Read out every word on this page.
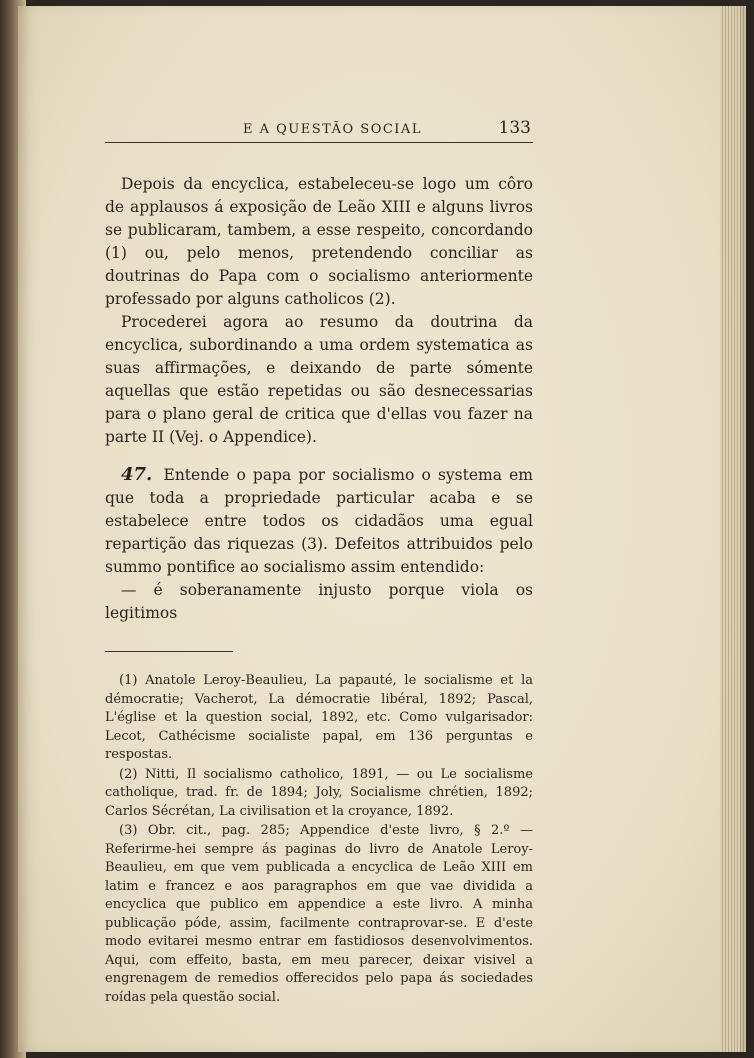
E A QUESTÃO SOCIAL	133

Depois da encyclica, estabeleceu-se logo um côro de applausos á exposição de Leão XIII e alguns livros se publicaram, tambem, a esse respeito, concordando (1) ou, pelo menos, pretendendo conciliar as doutrinas do Papa com o socialismo anteriormente professado por alguns catholicos (2).

Procederei agora ao resumo da doutrina da encyclica, subordinando a uma ordem systematica as suas affirmações, e deixando de parte sómente aquellas que estão repetidas ou são desnecessarias para o plano geral de critica que d'ellas vou fazer na parte II (Vej. o Appendice).

47. Entende o papa por socialismo o systema em que toda a propriedade particular acaba e se estabelece entre todos os cidadãos uma egual repartição das riquezas (3). Defeitos attribuidos pelo summo pontifice ao socialismo assim entendido:

— é soberanamente injusto porque viola os legitimos

(1) Anatole Leroy-Beaulieu, La papauté, le socialisme et la démocratie; Vacherot, La démocratie libéral, 1892; Pascal, L'église et la question social, 1892, etc. Como vulgarisador: Lecot, Cathécisme socialiste papal, em 136 perguntas e respostas.

(2) Nitti, Il socialismo catholico, 1891, — ou Le socialisme catholique, trad. fr. de 1894; Joly, Socialisme chrétien, 1892; Carlos Sécrétan, La civilisation et la croyance, 1892.

(3) Obr. cit., pag. 285; Appendice d'este livro, § 2.º — Referirme-hei sempre ás paginas do livro de Anatole Leroy-Beaulieu, em que vem publicada a encyclica de Leão XIII em latim e francez e aos paragraphos em que vae dividida a encyclica que publico em appendice a este livro. A minha publicação póde, assim, facilmente contraprovar-se. E d'este modo evitarei mesmo entrar em fastidiosos desenvolvimentos. Aqui, com effeito, basta, em meu parecer, deixar visivel a engrenagem de remedios offerecidos pelo papa ás sociedades roídas pela questão social.
